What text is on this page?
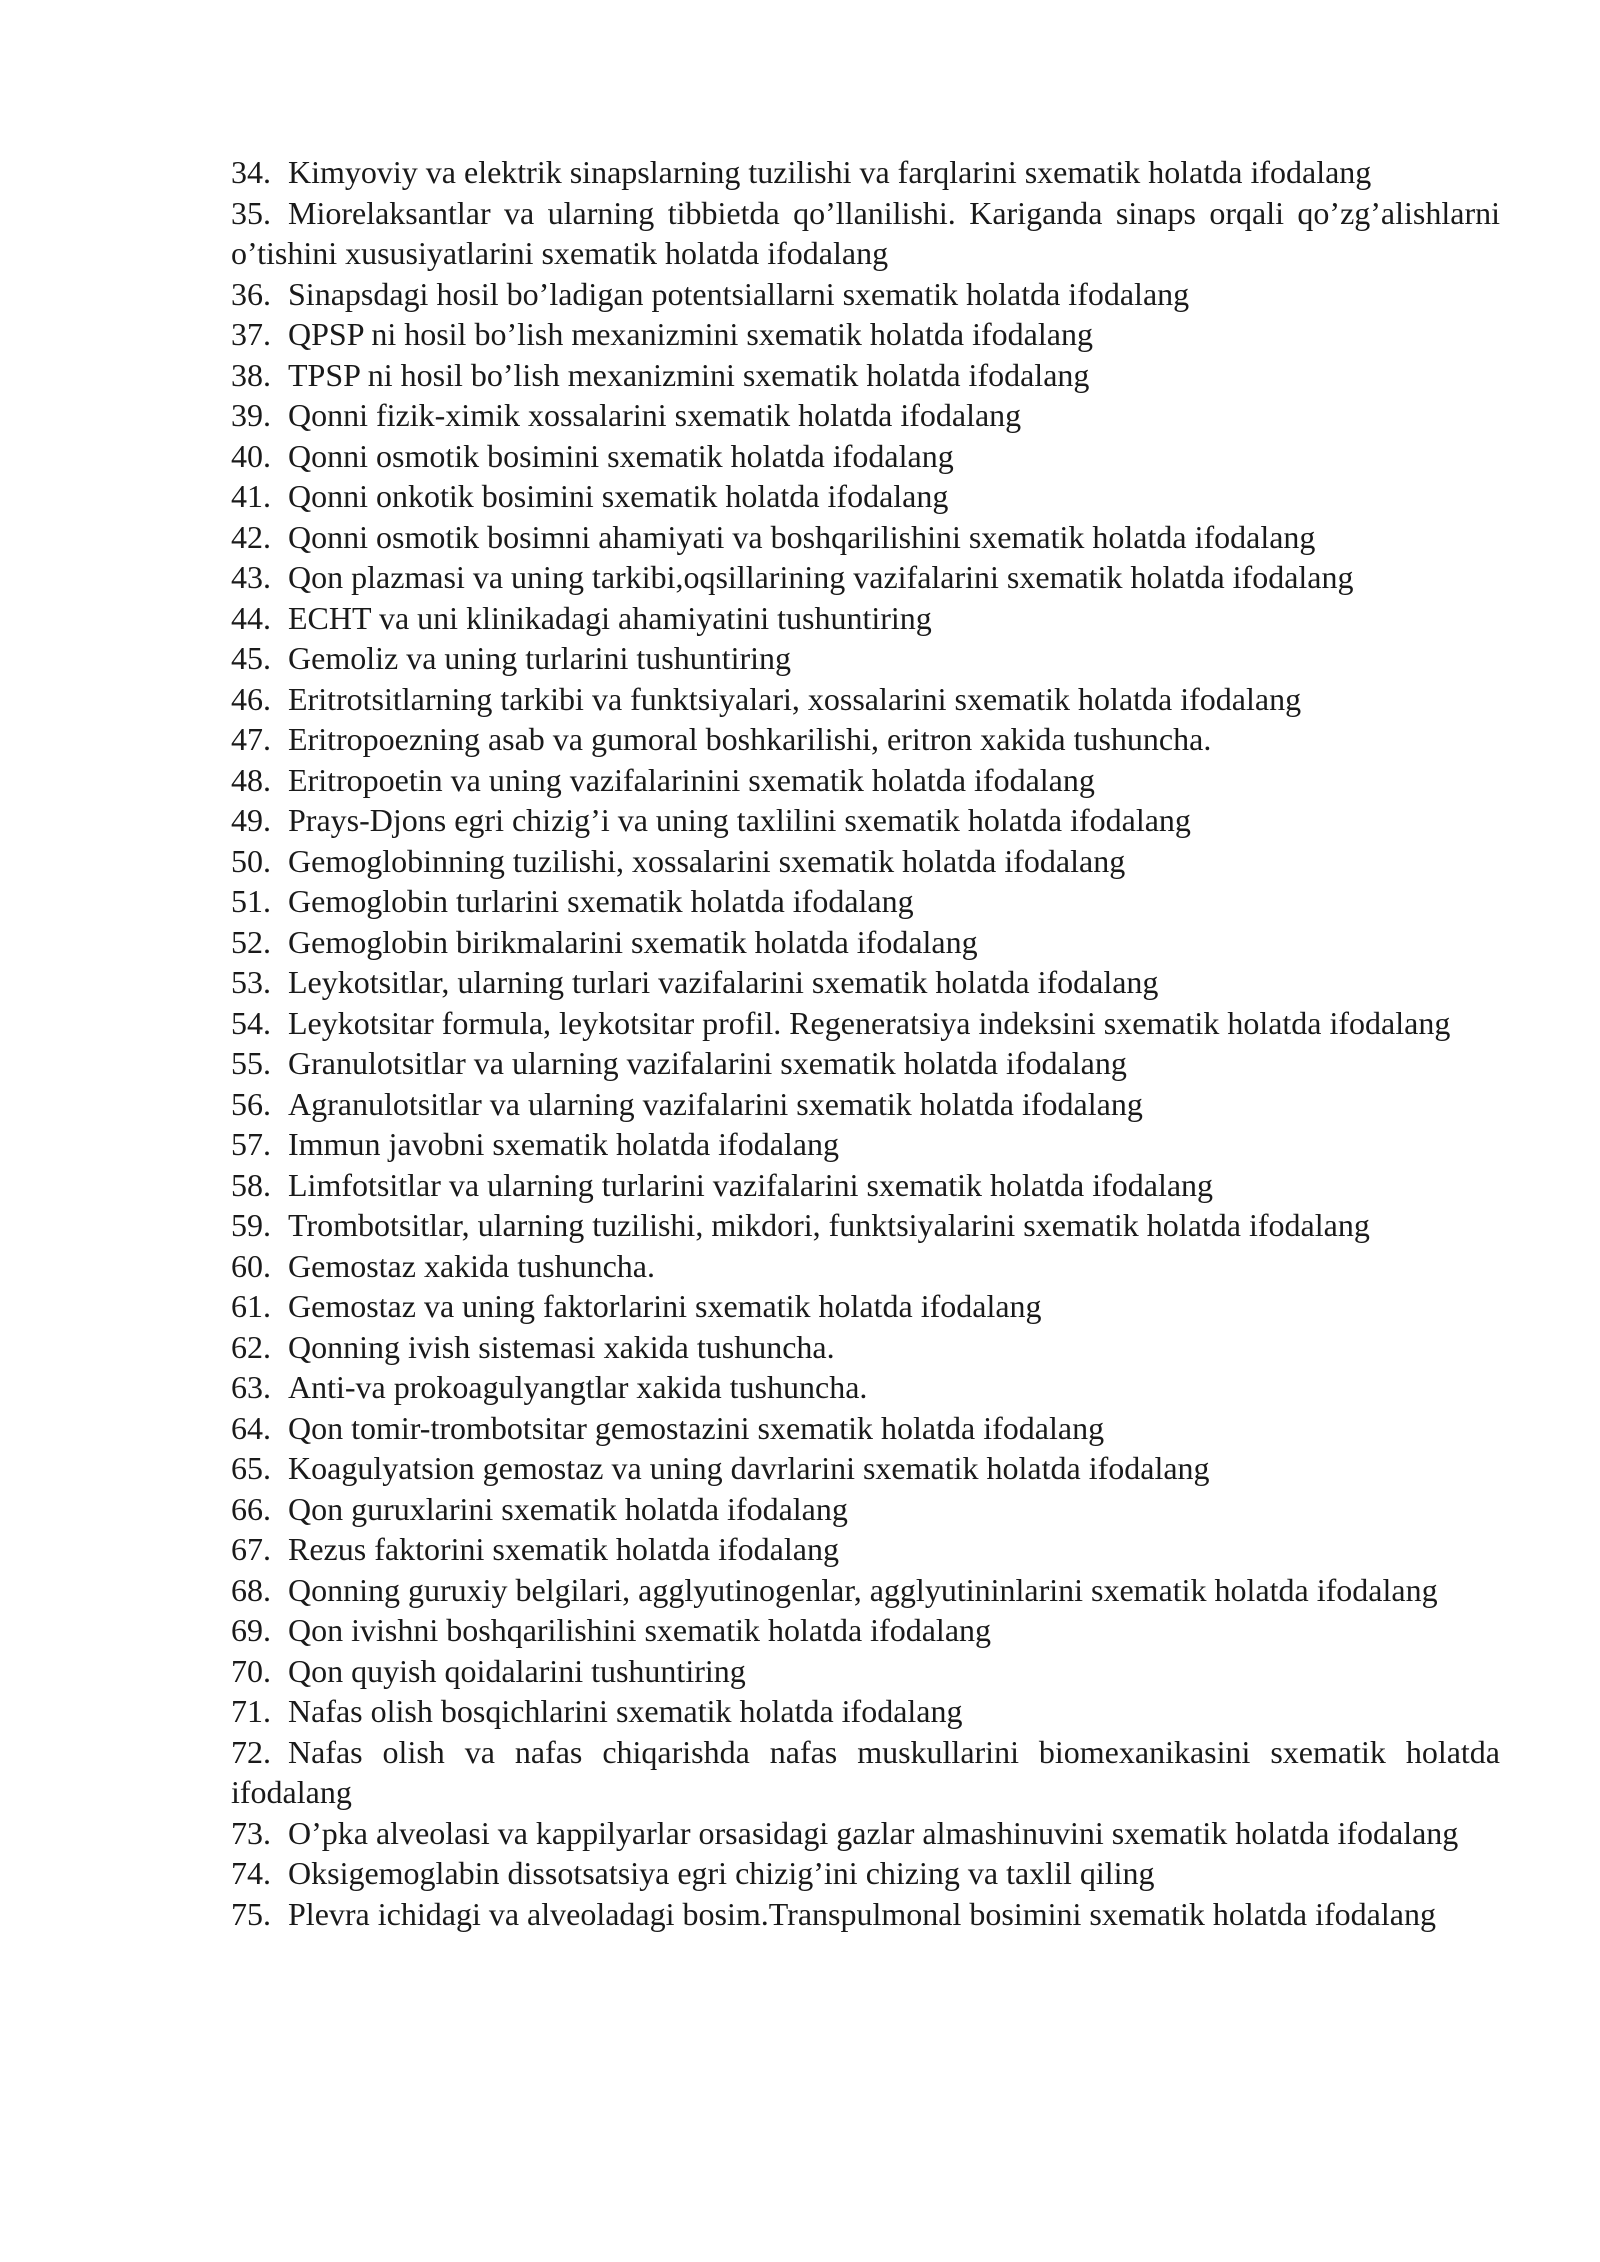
34. Kimyoviy va elektrik sinapslarning tuzilishi va farqlarini sxematik holatda ifodalang
35. Miorelaksantlar va ularning tibbietda qo’llanilishi. Kariganda sinaps orqali qo’zg’alishlarni o’tishini xususiyatlarini sxematik holatda ifodalang
36. Sinapsdagi hosil bo’ladigan potentsiallarni sxematik holatda ifodalang
37. QPSP ni hosil bo’lish mexanizmini sxematik holatda ifodalang
38. TPSP ni hosil bo’lish mexanizmini sxematik holatda ifodalang
39. Qonni fizik-ximik xossalarini sxematik holatda ifodalang
40. Qonni osmotik bosimini sxematik holatda ifodalang
41. Qonni onkotik bosimini sxematik holatda ifodalang
42. Qonni osmotik bosimni ahamiyati va boshqarilishini sxematik holatda ifodalang
43. Qon plazmasi va uning tarkibi,oqsillarining vazifalarini sxematik holatda ifodalang
44. ECHT va uni klinikadagi ahamiyatini tushuntiring
45. Gemoliz va uning turlarini tushuntiring
46. Eritrotsitlarning tarkibi va funktsiyalari, xossalarini sxematik holatda ifodalang
47. Eritropoezning asab va gumoral boshkarilishi, eritron xakida tushuncha.
48. Eritropoetin va uning vazifalarinini sxematik holatda ifodalang
49. Prays-Djons egri chizig’i va uning taxlilini sxematik holatda ifodalang
50. Gemoglobinning tuzilishi, xossalarini sxematik holatda ifodalang
51. Gemoglobin turlarini sxematik holatda ifodalang
52. Gemoglobin birikmalarini sxematik holatda ifodalang
53. Leykotsitlar, ularning turlari vazifalarini sxematik holatda ifodalang
54. Leykotsitar formula, leykotsitar profil. Regeneratsiya indeksini sxematik holatda ifodalang
55. Granulotsitlar va ularning vazifalarini sxematik holatda ifodalang
56. Agranulotsitlar va ularning vazifalarini sxematik holatda ifodalang
57. Immun javobni sxematik holatda ifodalang
58. Limfotsitlar va ularning turlarini vazifalarini sxematik holatda ifodalang
59. Trombotsitlar, ularning tuzilishi, mikdori, funktsiyalarini sxematik holatda ifodalang
60. Gemostaz xakida tushuncha.
61. Gemostaz va uning faktorlarini sxematik holatda ifodalang
62. Qonning ivish sistemasi xakida tushuncha.
63. Anti-va prokoagulyangtlar xakida tushuncha.
64. Qon tomir-trombotsitar gemostazini sxematik holatda ifodalang
65. Koagulyatsion gemostaz va uning davrlarini sxematik holatda ifodalang
66. Qon guruxlarini sxematik holatda ifodalang
67. Rezus faktorini sxematik holatda ifodalang
68. Qonning guruxiy belgilari, agglyutinogenlar, agglyutininlarini sxematik holatda ifodalang
69. Qon ivishni boshqarilishini sxematik holatda ifodalang
70. Qon quyish qoidalarini tushuntiring
71. Nafas olish bosqichlarini sxematik holatda ifodalang
72. Nafas olish va nafas chiqarishda nafas muskullarini biomexanikasini sxematik holatda ifodalang
73. O’pka alveolasi va kappilyarlar orsasidagi gazlar almashinuvini sxematik holatda ifodalang
74. Oksigemoglabin dissotsatsiya egri chizig’ini chizing va taxlil qiling
75. Plevra ichidagi va alveoladagi bosim.Transpulmonal bosimini sxematik holatda ifodalang
